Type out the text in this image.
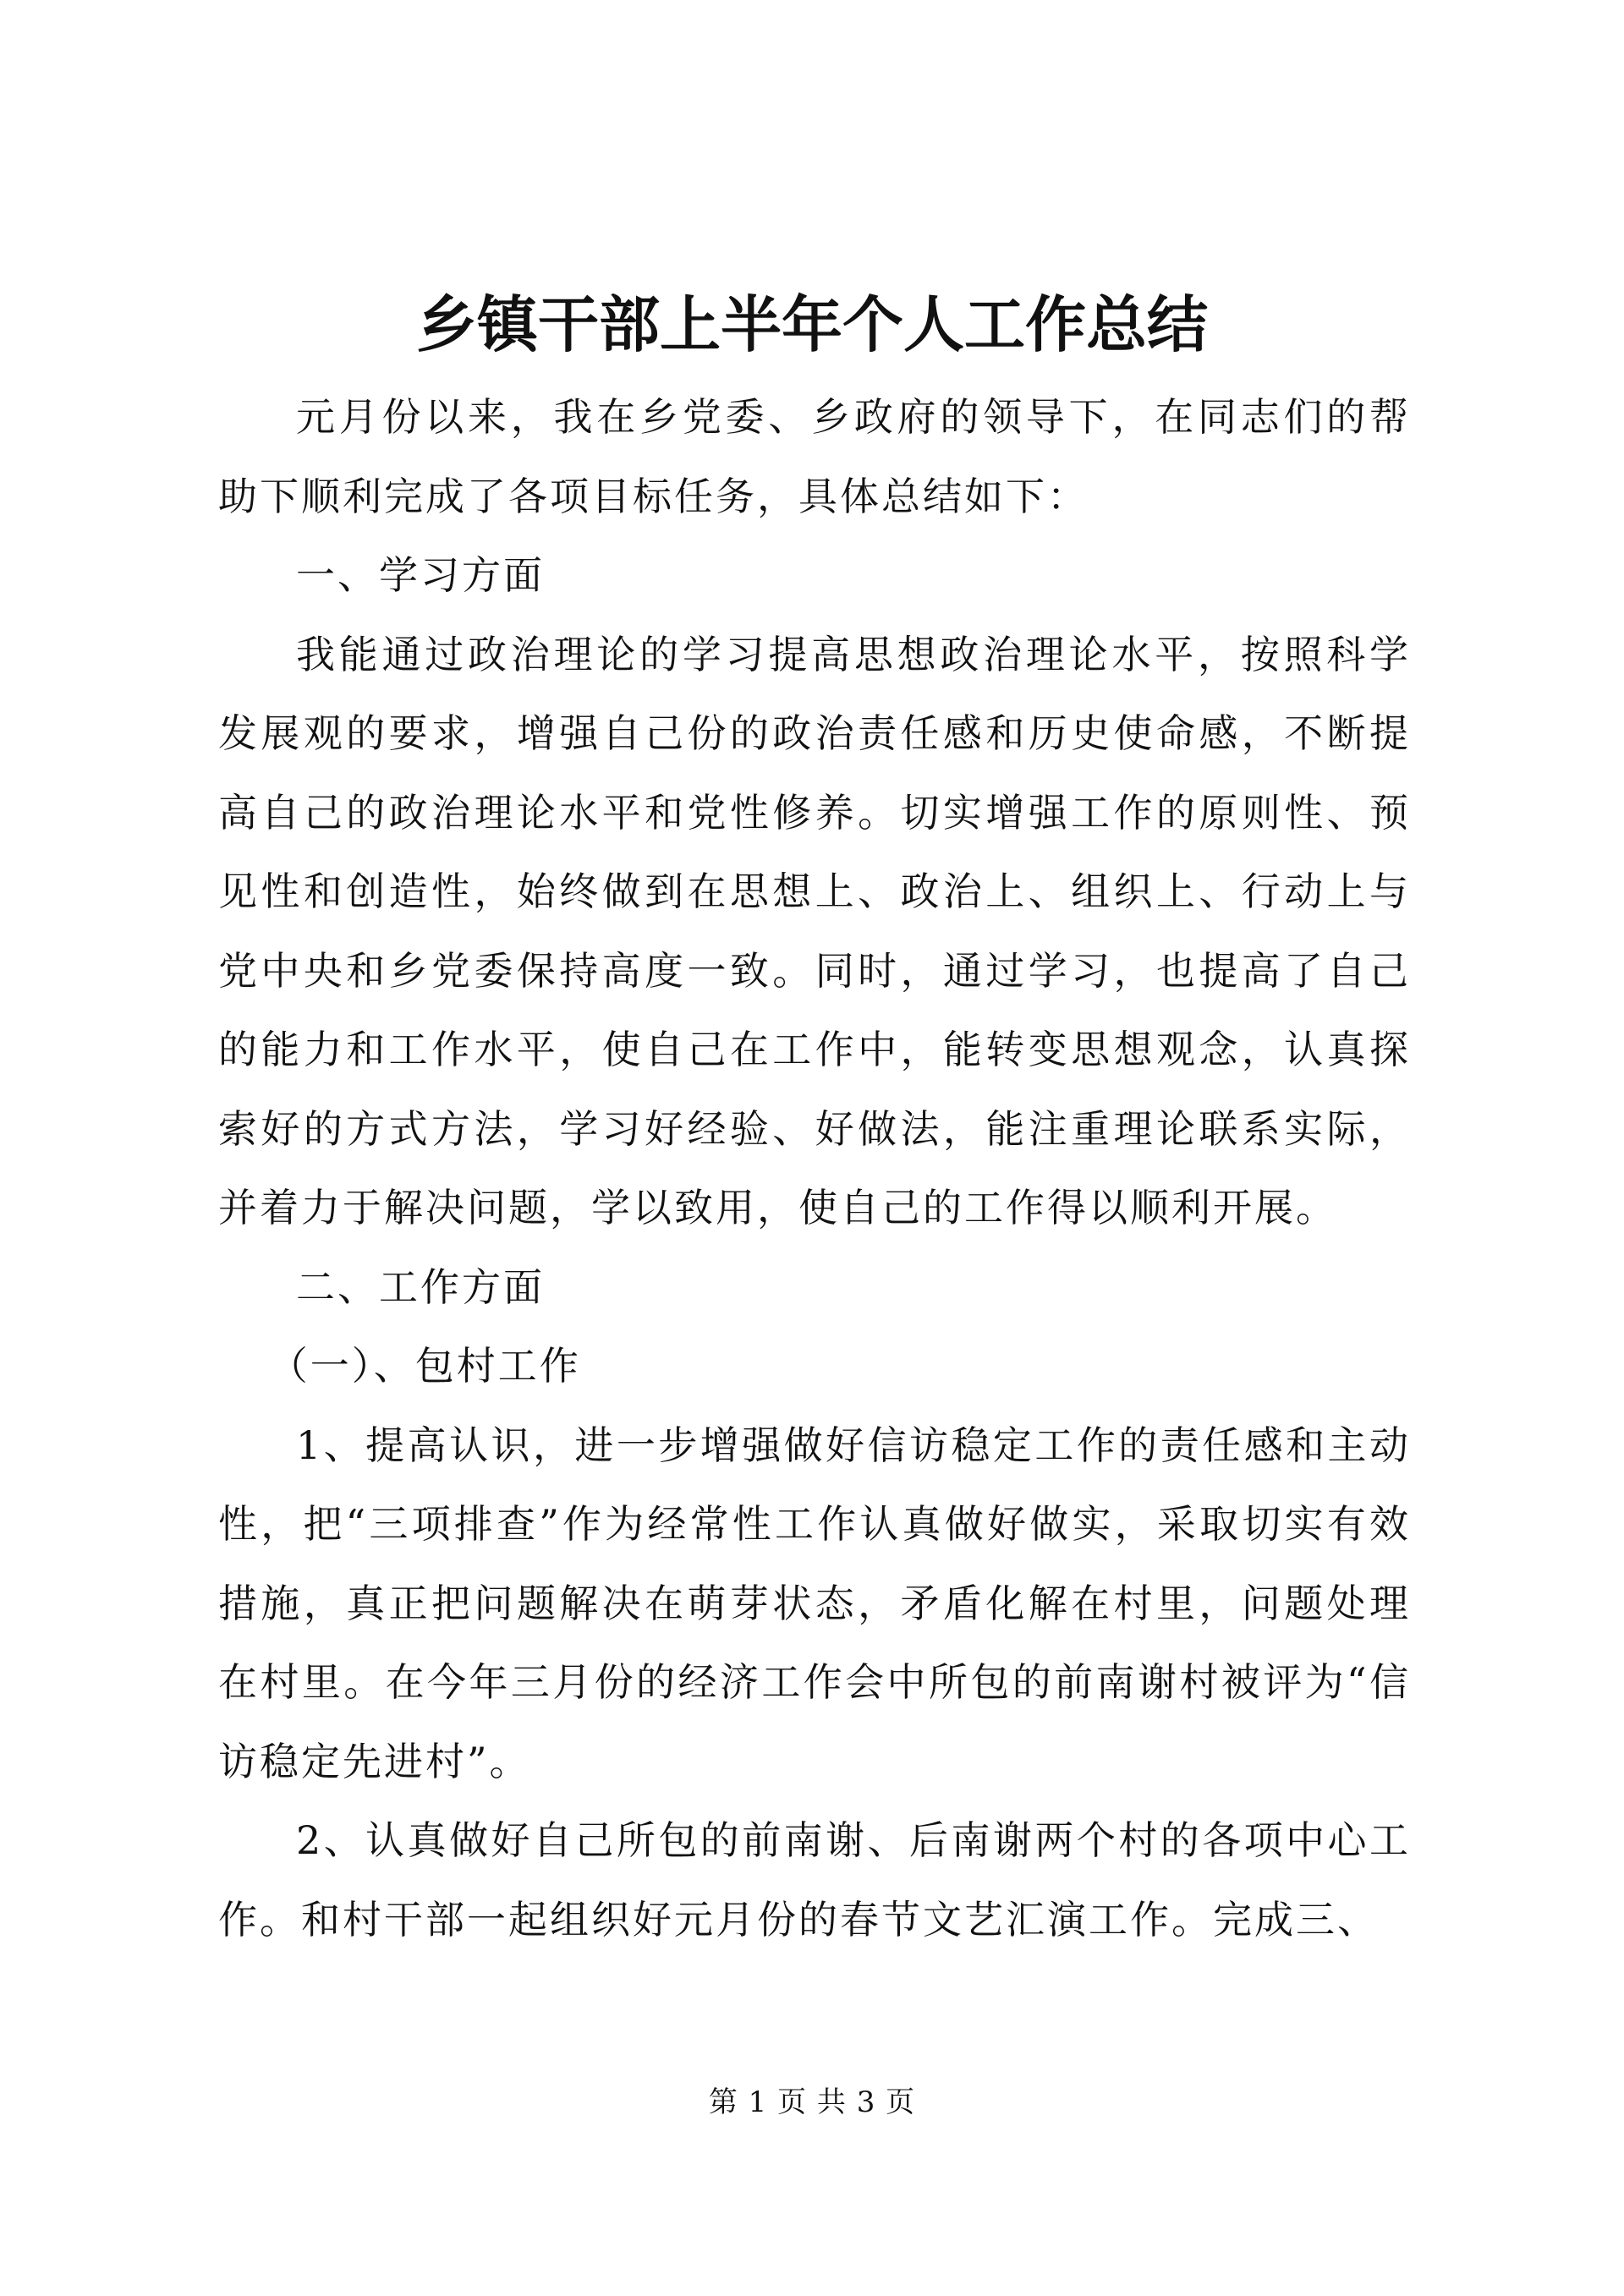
乡镇干部上半年个人工作总结

元月份以来，我在乡党委、乡政府的领导下，在同志们的帮助下顺利完成了各项目标任务，具体总结如下：

一、学习方面

我能通过政治理论的学习提高思想政治理论水平，按照科学发展观的要求，增强自己份的政治责任感和历史使命感，不断提高自己的政治理论水平和党性修养。切实增强工作的原则性、预见性和创造性，始终做到在思想上、政治上、组织上、行动上与党中央和乡党委保持高度一致。同时，通过学习，也提高了自己的能力和工作水平，使自己在工作中，能转变思想观念，认真探索好的方式方法，学习好经验、好做法，能注重理论联系实际，并着力于解决问题，学以致用，使自己的工作得以顺利开展。

二、工作方面

（一）、包村工作

1、提高认识，进一步增强做好信访稳定工作的责任感和主动性，把“三项排查”作为经常性工作认真做好做实，采取切实有效措施，真正把问题解决在萌芽状态，矛盾化解在村里，问题处理在村里。在今年三月份的经济工作会中所包的前南谢村被评为“信访稳定先进村”。

2、认真做好自己所包的前南谢、后南谢两个村的各项中心工作。和村干部一起组织好元月份的春节文艺汇演工作。完成三、

第 1 页 共 3 页
